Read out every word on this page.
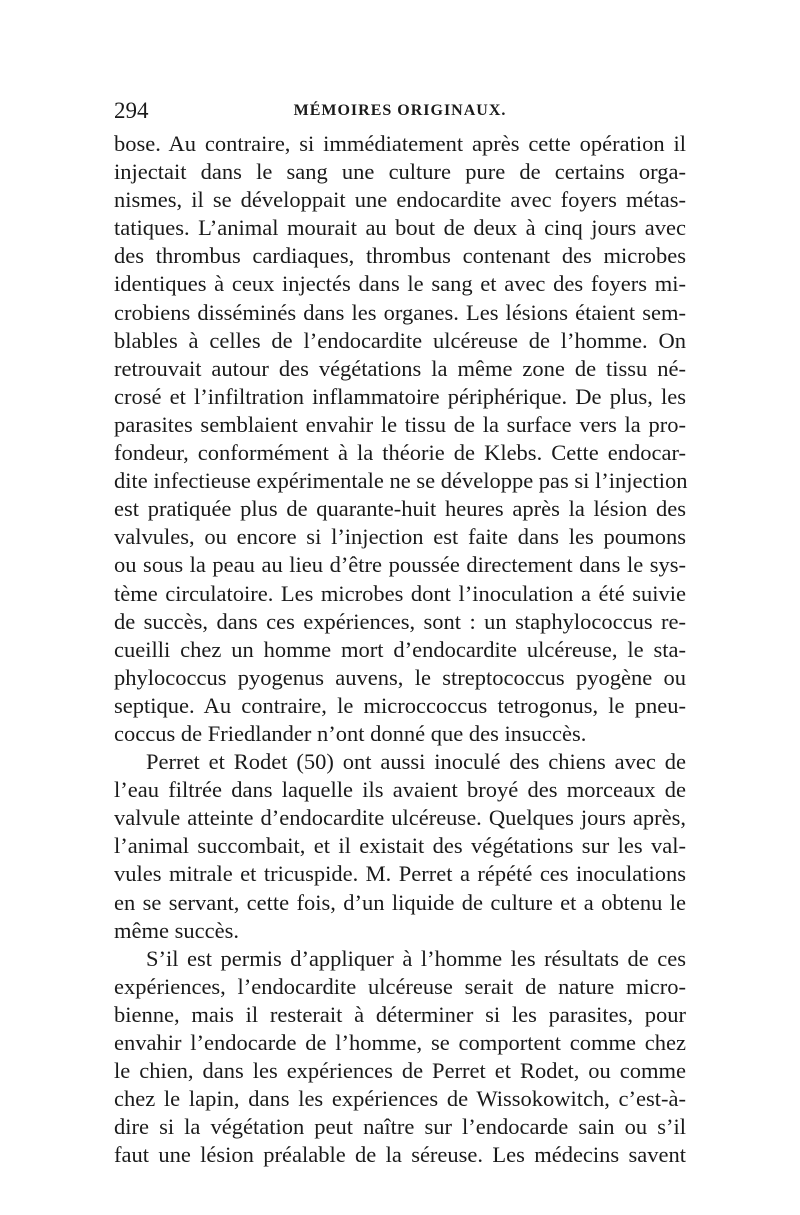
294	MÉMOIRES ORIGINAUX.
bose. Au contraire, si immédiatement après cette opération il
injectait dans le sang une culture pure de certains orga-
nismes, il se développait une endocardite avec foyers métas-
tatiques. L’animal mourait au bout de deux à cinq jours avec
des thrombus cardiaques, thrombus contenant des microbes
identiques à ceux injectés dans le sang et avec des foyers mi-
crobiens disséminés dans les organes. Les lésions étaient sem-
blables à celles de l’endocardite ulcéreuse de l’homme. On
retrouvait autour des végétations la même zone de tissu né-
crosé et l’infiltration inflammatoire périphérique. De plus, les
parasites semblaient envahir le tissu de la surface vers la pro-
fondeur, conformément à la théorie de Klebs. Cette endocar-
dite infectieuse expérimentale ne se développe pas si l’injection
est pratiquée plus de quarante-huit heures après la lésion des
valvules, ou encore si l’injection est faite dans les poumons
ou sous la peau au lieu d’être poussée directement dans le sys-
tème circulatoire. Les microbes dont l’inoculation a été suivie
de succès, dans ces expériences, sont : un staphylococcus re-
cueilli chez un homme mort d’endocardite ulcéreuse, le sta-
phylococcus pyogenus auvens, le streptococcus pyogène ou
septique. Au contraire, le microccoccus tetrogonus, le pneu-
coccus de Friedlander n’ont donné que des insuccès.
Perret et Rodet (50) ont aussi inoculé des chiens avec de
l’eau filtrée dans laquelle ils avaient broyé des morceaux de
valvule atteinte d’endocardite ulcéreuse. Quelques jours après,
l’animal succombait, et il existait des végétations sur les val-
vules mitrale et tricuspide. M. Perret a répété ces inoculations
en se servant, cette fois, d’un liquide de culture et a obtenu le
même succès.
S’il est permis d’appliquer à l’homme les résultats de ces
expériences, l’endocardite ulcéreuse serait de nature micro-
bienne, mais il resterait à déterminer si les parasites, pour
envahir l’endocarde de l’homme, se comportent comme chez
le chien, dans les expériences de Perret et Rodet, ou comme
chez le lapin, dans les expériences de Wissokowitch, c’est-à-
dire si la végétation peut naître sur l’endocarde sain ou s’il
faut une lésion préalable de la séreuse. Les médecins savent
